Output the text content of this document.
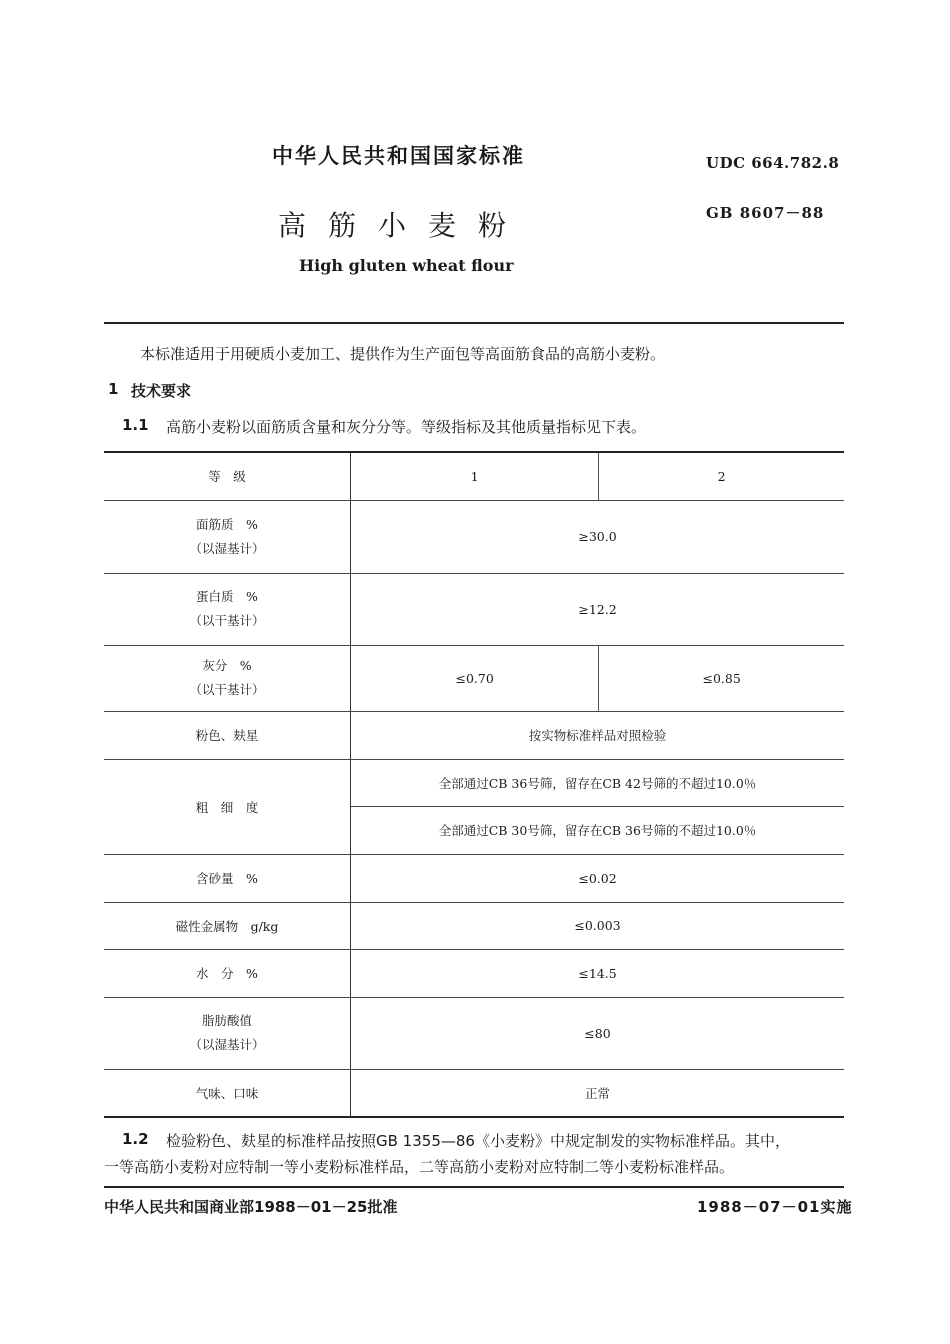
中华人民共和国国家标准	UDC 664.782.8
高筋小麦粉	GB 8607－88
High gluten wheat flour
本标准适用于用硬质小麦加工、提供作为生产面包等高面筋食品的高筋小麦粉。
1 技术要求
1.1 高筋小麦粉以面筋质含量和灰分分等。等级指标及其他质量指标见下表。
等　级	1	2

面筋质　%
（以湿基计）	≥30.0	

蛋白质　%
（以干基计）	≥12.2	

灰分　%
（以干基计）	≤0.70	≤0.85
粉色、麸星	按实物标准样品对照检验	
粗　细　度	全部通过CB 36号筛，留存在CB 42号筛的不超过10.0％	
	全部通过CB 30号筛，留存在CB 36号筛的不超过10.0％	
含砂量　%	≤0.02	
磁性金属物　g/kg	≤0.003	
水　分　%	≤14.5	

脂肪酸值
（以湿基计）	≤80	
气味、口味	正常	
1.2 检验粉色、麸星的标准样品按照GB 1355—86《小麦粉》中规定制发的实物标准样品。其中，
一等高筋小麦粉对应特制一等小麦粉标准样品，二等高筋小麦粉对应特制二等小麦粉标准样品。
中华人民共和国商业部1988－01－25批准	1988－07－01实施
